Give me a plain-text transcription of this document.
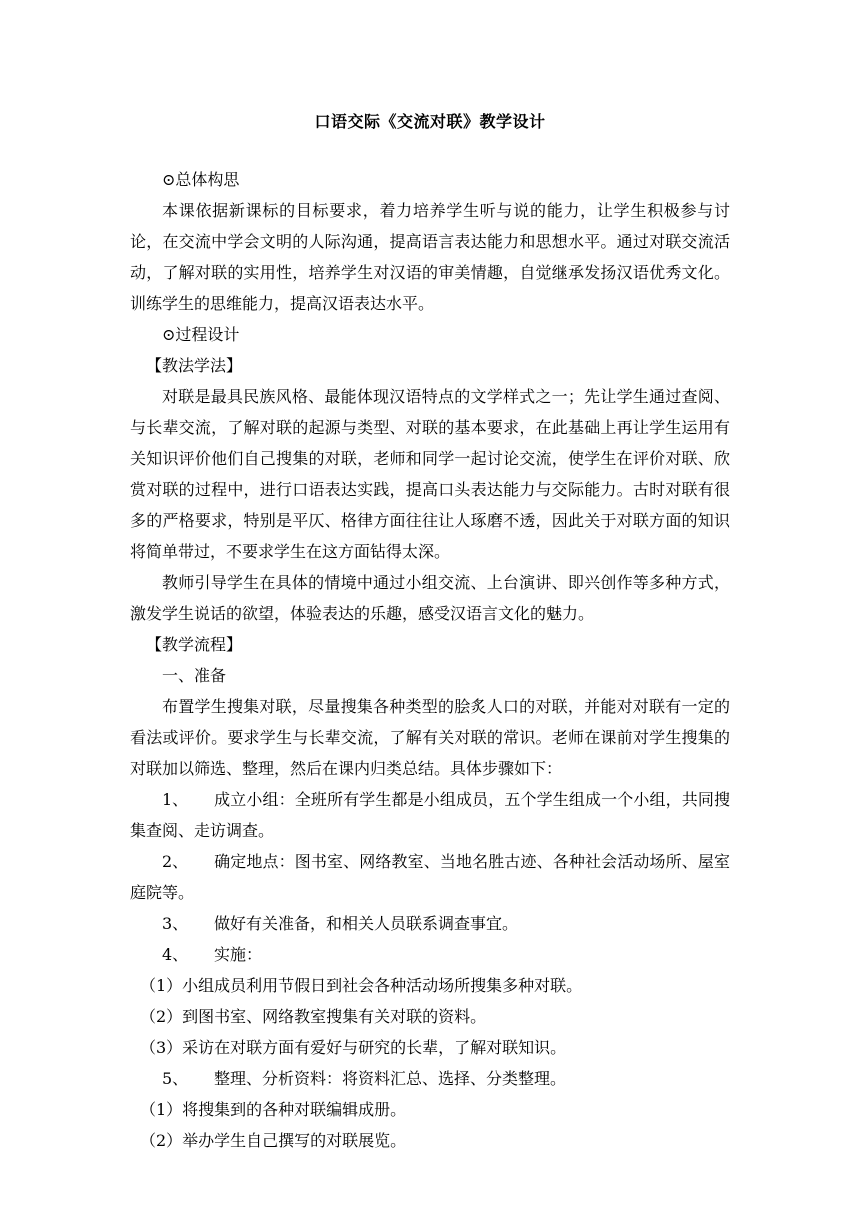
口语交际《交流对联》教学设计

⊙总体构思

本课依据新课标的目标要求，着力培养学生听与说的能力，让学生积极参与讨论，在交流中学会文明的人际沟通，提高语言表达能力和思想水平。通过对联交流活动，了解对联的实用性，培养学生对汉语的审美情趣，自觉继承发扬汉语优秀文化。训练学生的思维能力，提高汉语表达水平。

⊙过程设计

【教法学法】

对联是最具民族风格、最能体现汉语特点的文学样式之一；先让学生通过查阅、与长辈交流，了解对联的起源与类型、对联的基本要求，在此基础上再让学生运用有关知识评价他们自己搜集的对联，老师和同学一起讨论交流，使学生在评价对联、欣赏对联的过程中，进行口语表达实践，提高口头表达能力与交际能力。古时对联有很多的严格要求，特别是平仄、格律方面往往让人琢磨不透，因此关于对联方面的知识将简单带过，不要求学生在这方面钻得太深。

教师引导学生在具体的情境中通过小组交流、上台演讲、即兴创作等多种方式，激发学生说话的欲望，体验表达的乐趣，感受汉语言文化的魅力。

【教学流程】

一、准备

布置学生搜集对联，尽量搜集各种类型的脍炙人口的对联，并能对对联有一定的看法或评价。要求学生与长辈交流，了解有关对联的常识。老师在课前对学生搜集的对联加以筛选、整理，然后在课内归类总结。具体步骤如下：

1、 成立小组：全班所有学生都是小组成员，五个学生组成一个小组，共同搜集查阅、走访调查。

2、 确定地点：图书室、网络教室、当地名胜古迹、各种社会活动场所、屋室庭院等。

3、 做好有关准备，和相关人员联系调查事宜。

4、 实施：

（1）小组成员利用节假日到社会各种活动场所搜集多种对联。

（2）到图书室、网络教室搜集有关对联的资料。

（3）采访在对联方面有爱好与研究的长辈，了解对联知识。

5、 整理、分析资料：将资料汇总、选择、分类整理。

（1）将搜集到的各种对联编辑成册。

（2）举办学生自己撰写的对联展览。
